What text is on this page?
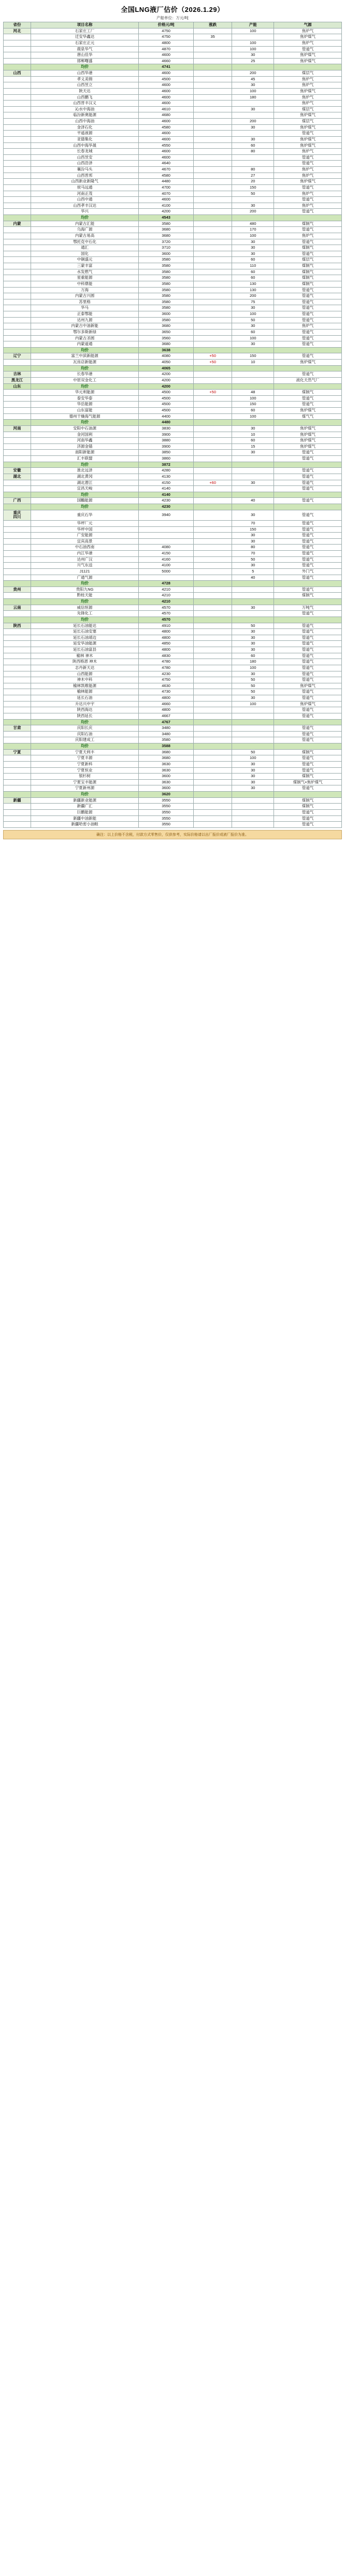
全国LNG液厂估价（2026.1.29）
产船单位：万元/吨
省份	项目名称	价格元/吨	涨跌	产能	气源
河北	石家庄工厂	4750		100	焦炉气
	迁安华鑫达	4750	35		焦炉煤气
	石家庄正元	4800		100	焦炉气
	鹿泉华气	4870		100	管道气
	唐山佳华	4600		30	焦炉煤气
	邯郸曙盛	4660		25	焦炉煤气
	均价	4741			
山西	山西华港	4600		200	煤层气
	孝义美锦	4500		45	焦炉气
	山西昱立	4600		30	焦炉气
	陕天达	4600		100	焦炉煤气
	山西鹏飞	4600		180	焦炉气
	山西晋丰汉义	4600			焦炉气
	沁水中海油	4610		30	煤层气
	临汾新奥能源	4680			焦炉煤气
	山西中海油	4600		200	煤层气
	金泽石化	4580		30	焦炉煤气
	平遥液源	4600			管道气
	亚德集化	4600		30	焦炉煤气
	山西中海华晟	4550		60	焦炉煤气
	长春龙城	4600		80	焦炉气
	山西昱安	4600			管道气
	山西浩泽	4640			管道气
	襄汾马头	4670		80	焦炉气
	山西晋邦	4580		27	焦炉气
	山西新业新隆气	4480		20	焦炉煤气
	侯马远通	4700		150	管道气
	河南正茂	4070		50	焦炉气
	山西中通	4600			管道气
	山西孝丰汉达	4100		30	焦炉气
	华兴	4200		200	管道气
	均价	4543			
内蒙	内蒙古汇能	3580		480	煤制气
	乌海广源	3680		170	管道气
	内蒙古易高	3680		100	焦炉气
	鄂托克中石化	3720		30	管道气
	通汇	3710		30	煤制气
	国化	3600		30	管道气
	中铜盛元	3580		60	煤层气
	三蒙丰富	3580		110	煤制气
	水发燃气	3580		60	煤制气
	星重能源	3580		60	煤制气
	中科鼎能	3580		130	煤制气
	万海	3580		130	管道气
	内蒙古兴圆	3580		200	管道气
	苏里格	3580		75	管道气
	华马	3580		30	管道气
	正泰鄂能	3600		100	管道气
	达州九源	3580		50	管道气
	内蒙古中油新能	3680		30	焦炉气
	鄂尔多斯新绿	3650		60	管道气
	内蒙古圣圆	3560		100	管道气
	内蒙道通	3680		30	管道气
	均价	3638			
辽宁	富兰中滨新能源	4080	+50	150	管道气
	瓦房店新能源	4050	+50	10	焦炉煤气
	均价	4065			
吉林	长春华港	4200			管道气
黑龙江	中原双金化工	4200			液化天然气厂
山东	均价	4200			
	华元利能源	4500	+50	48	煤制气
	泰安华泰	4500		100	管道气
	华岳能源	4500		150	管道气
	山东富能	4500		60	焦炉煤气
	德州干燥海气能源	4400		100	煤气气
	均价	4480			
河南	安阳中石油源	3830		30	焦炉煤气
	金河国利	3900		10	焦炉煤气
	河南华鑫	3880		60	焦炉煤气
	济源金锚	3900		15	焦炉煤气
	南阳新能源	3850		30	管道气
	汇丰联盟	3860			管道气
	均价	3872			
安徽	淮北远泽	4280			管道气
湖北	湖北黄冈	4130			管道气
	湖北潜江	4150	+60	30	管道气
	宜昌天峻	4140			管道气
	均价	4140			
广西	国鵬能源	4230		40	管道气
	均价	4230			
重庆
四川	重庆石华	3940		30	管道气
	华坪厂元			70	管道气
	华坪中国			150	管道气
	广安能源			30	管道气
	宜宾高景			30	管道气
	中石油西南	4080		80	管道气
	内江华港	4150		70	管道气
	达州广汉	4160		50	管道气
	川气东送	4100		30	管道气
	J1121	5000		5	外门气
	广通气源			40	管道气
	均价	4728			
贵州	贵阳九NG	4210			管道气
	黔桂天能	4210			煤制气
	均价	4210			
云南	威信恒源	4570		30	万吨气
	先锋化工	4570			管道气
	均价	4570			
陕西	延长石油能达	4910		50	管道气
	延长石油安塞	4800		30	管道气
	延长石油靖边	4800		30	管道气
	延安华油能源	4850		30	管道气
	延长石油富县	4800		30	管道气
	榆林 神木	4830		60	管道气
	陕西格恩 神木	4780		180	管道气
	志丹新天达	4780		100	管道气
	山西能源	4230		30	管道气
	神木中科	4750		50	管道气
	榆林凯维能源	4630		50	焦炉煤气
	榆林能源	4730		50	管道气
	延长石油	4800		30	管道气
	升达兴中宇	4660		100	焦炉煤气
	陕西海达	4800			管道气
	陕西延长	4667			管道气
	均价	4767			
甘肃	庆阳长庆	3480			管道气
	庆阳石油	3480			管道气
	庆阳建成工	3580			管道气
	均价	3588			
宁夏	宁夏天利丰	3680		50	煤制气
	宁夏丰源	3680		100	管道气
	宁夏新科	3630		30	管道气
	宁夏恒业	3630		30	管道气
	银杉树	3600		30	煤制气
	宁夏宝丰能源	3630		30	煤制气+焦炉煤气
	宁夏新州源	3600		30	管道气
	均价	3620			
新疆	新疆新业能源	3550			煤制气
	新疆广汇	3550			煤制气
	巨鹏能源	3550			管道气
	新疆中油新能	3550			管道气
	新疆哈密小油畦	3550			管道气
确注：以上价格不含税，付款方式零售价，仅供参考，实际价格请以出厂报价或液厂报价为准。
